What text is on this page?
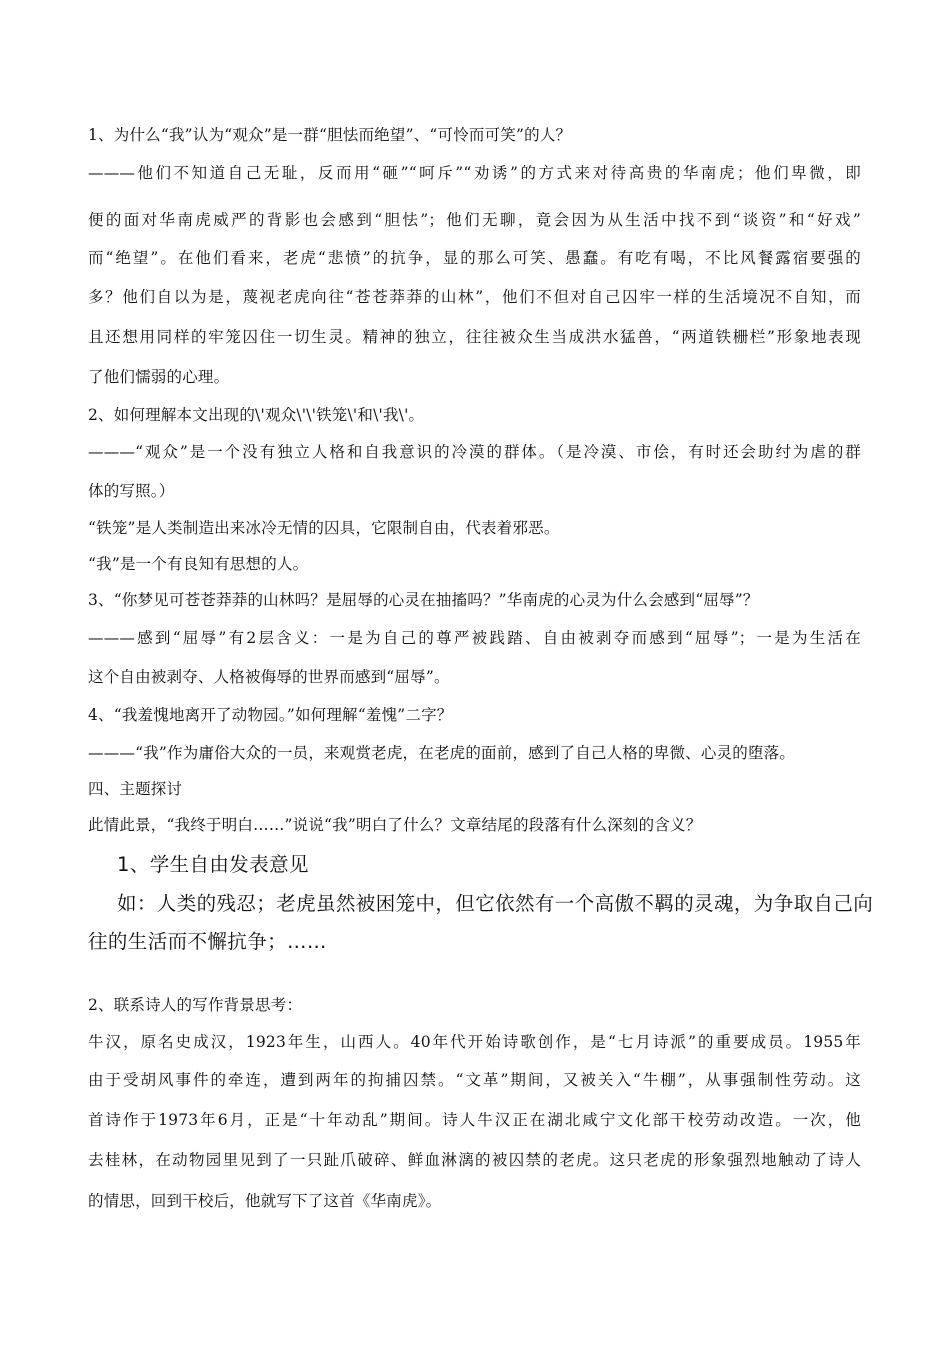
1、为什么“我”认为“观众”是一群“胆怯而绝望”、“可怜而可笑”的人？
———他们不知道自己无耻，反而用“砸”“呵斥”“劝诱”的方式来对待高贵的华南虎；他们卑微，即
便的面对华南虎威严的背影也会感到“胆怯”；他们无聊，竟会因为从生活中找不到“谈资”和“好戏”
而“绝望”。在他们看来，老虎“悲愤”的抗争，显的那么可笑、愚蠢。有吃有喝，不比风餐露宿要强的
多？他们自以为是，蔑视老虎向往“苍苍莽莽的山林”，他们不但对自己囚牢一样的生活境况不自知，而
且还想用同样的牢笼囚住一切生灵。精神的独立，往往被众生当成洪水猛兽，“两道铁栅栏”形象地表现
了他们懦弱的心理。
2、如何理解本文出现的\'观众\'\'铁笼\'和\'我\'。
———“观众”是一个没有独立人格和自我意识的冷漠的群体。（是冷漠、市侩，有时还会助纣为虐的群
体的写照。）
“铁笼”是人类制造出来冰冷无情的囚具，它限制自由，代表着邪恶。
“我”是一个有良知有思想的人。
3、“你梦见可苍苍莽莽的山林吗？是屈辱的心灵在抽搐吗？”华南虎的心灵为什么会感到“屈辱”？
———感到“屈辱”有2层含义：一是为自己的尊严被践踏、自由被剥夺而感到“屈辱”；一是为生活在
这个自由被剥夺、人格被侮辱的世界而感到“屈辱”。
4、“我羞愧地离开了动物园。”如何理解“羞愧”二字？
———“我”作为庸俗大众的一员，来观赏老虎，在老虎的面前，感到了自己人格的卑微、心灵的堕落。
四、主题探讨
此情此景，“我终于明白……”说说“我”明白了什么？文章结尾的段落有什么深刻的含义？
1、学生自由发表意见
如：人类的残忍；老虎虽然被困笼中，但它依然有一个高傲不羁的灵魂，为争取自己向
往的生活而不懈抗争；……
2、联系诗人的写作背景思考：
牛汉，原名史成汉，1923年生，山西人。40年代开始诗歌创作，是“七月诗派”的重要成员。1955年
由于受胡风事件的牵连，遭到两年的拘捕囚禁。“文革”期间，又被关入“牛棚”，从事强制性劳动。这
首诗作于1973年6月，正是“十年动乱”期间。诗人牛汉正在湖北咸宁文化部干校劳动改造。一次，他
去桂林，在动物园里见到了一只趾爪破碎、鲜血淋漓的被囚禁的老虎。这只老虎的形象强烈地触动了诗人
的情思，回到干校后，他就写下了这首《华南虎》。
